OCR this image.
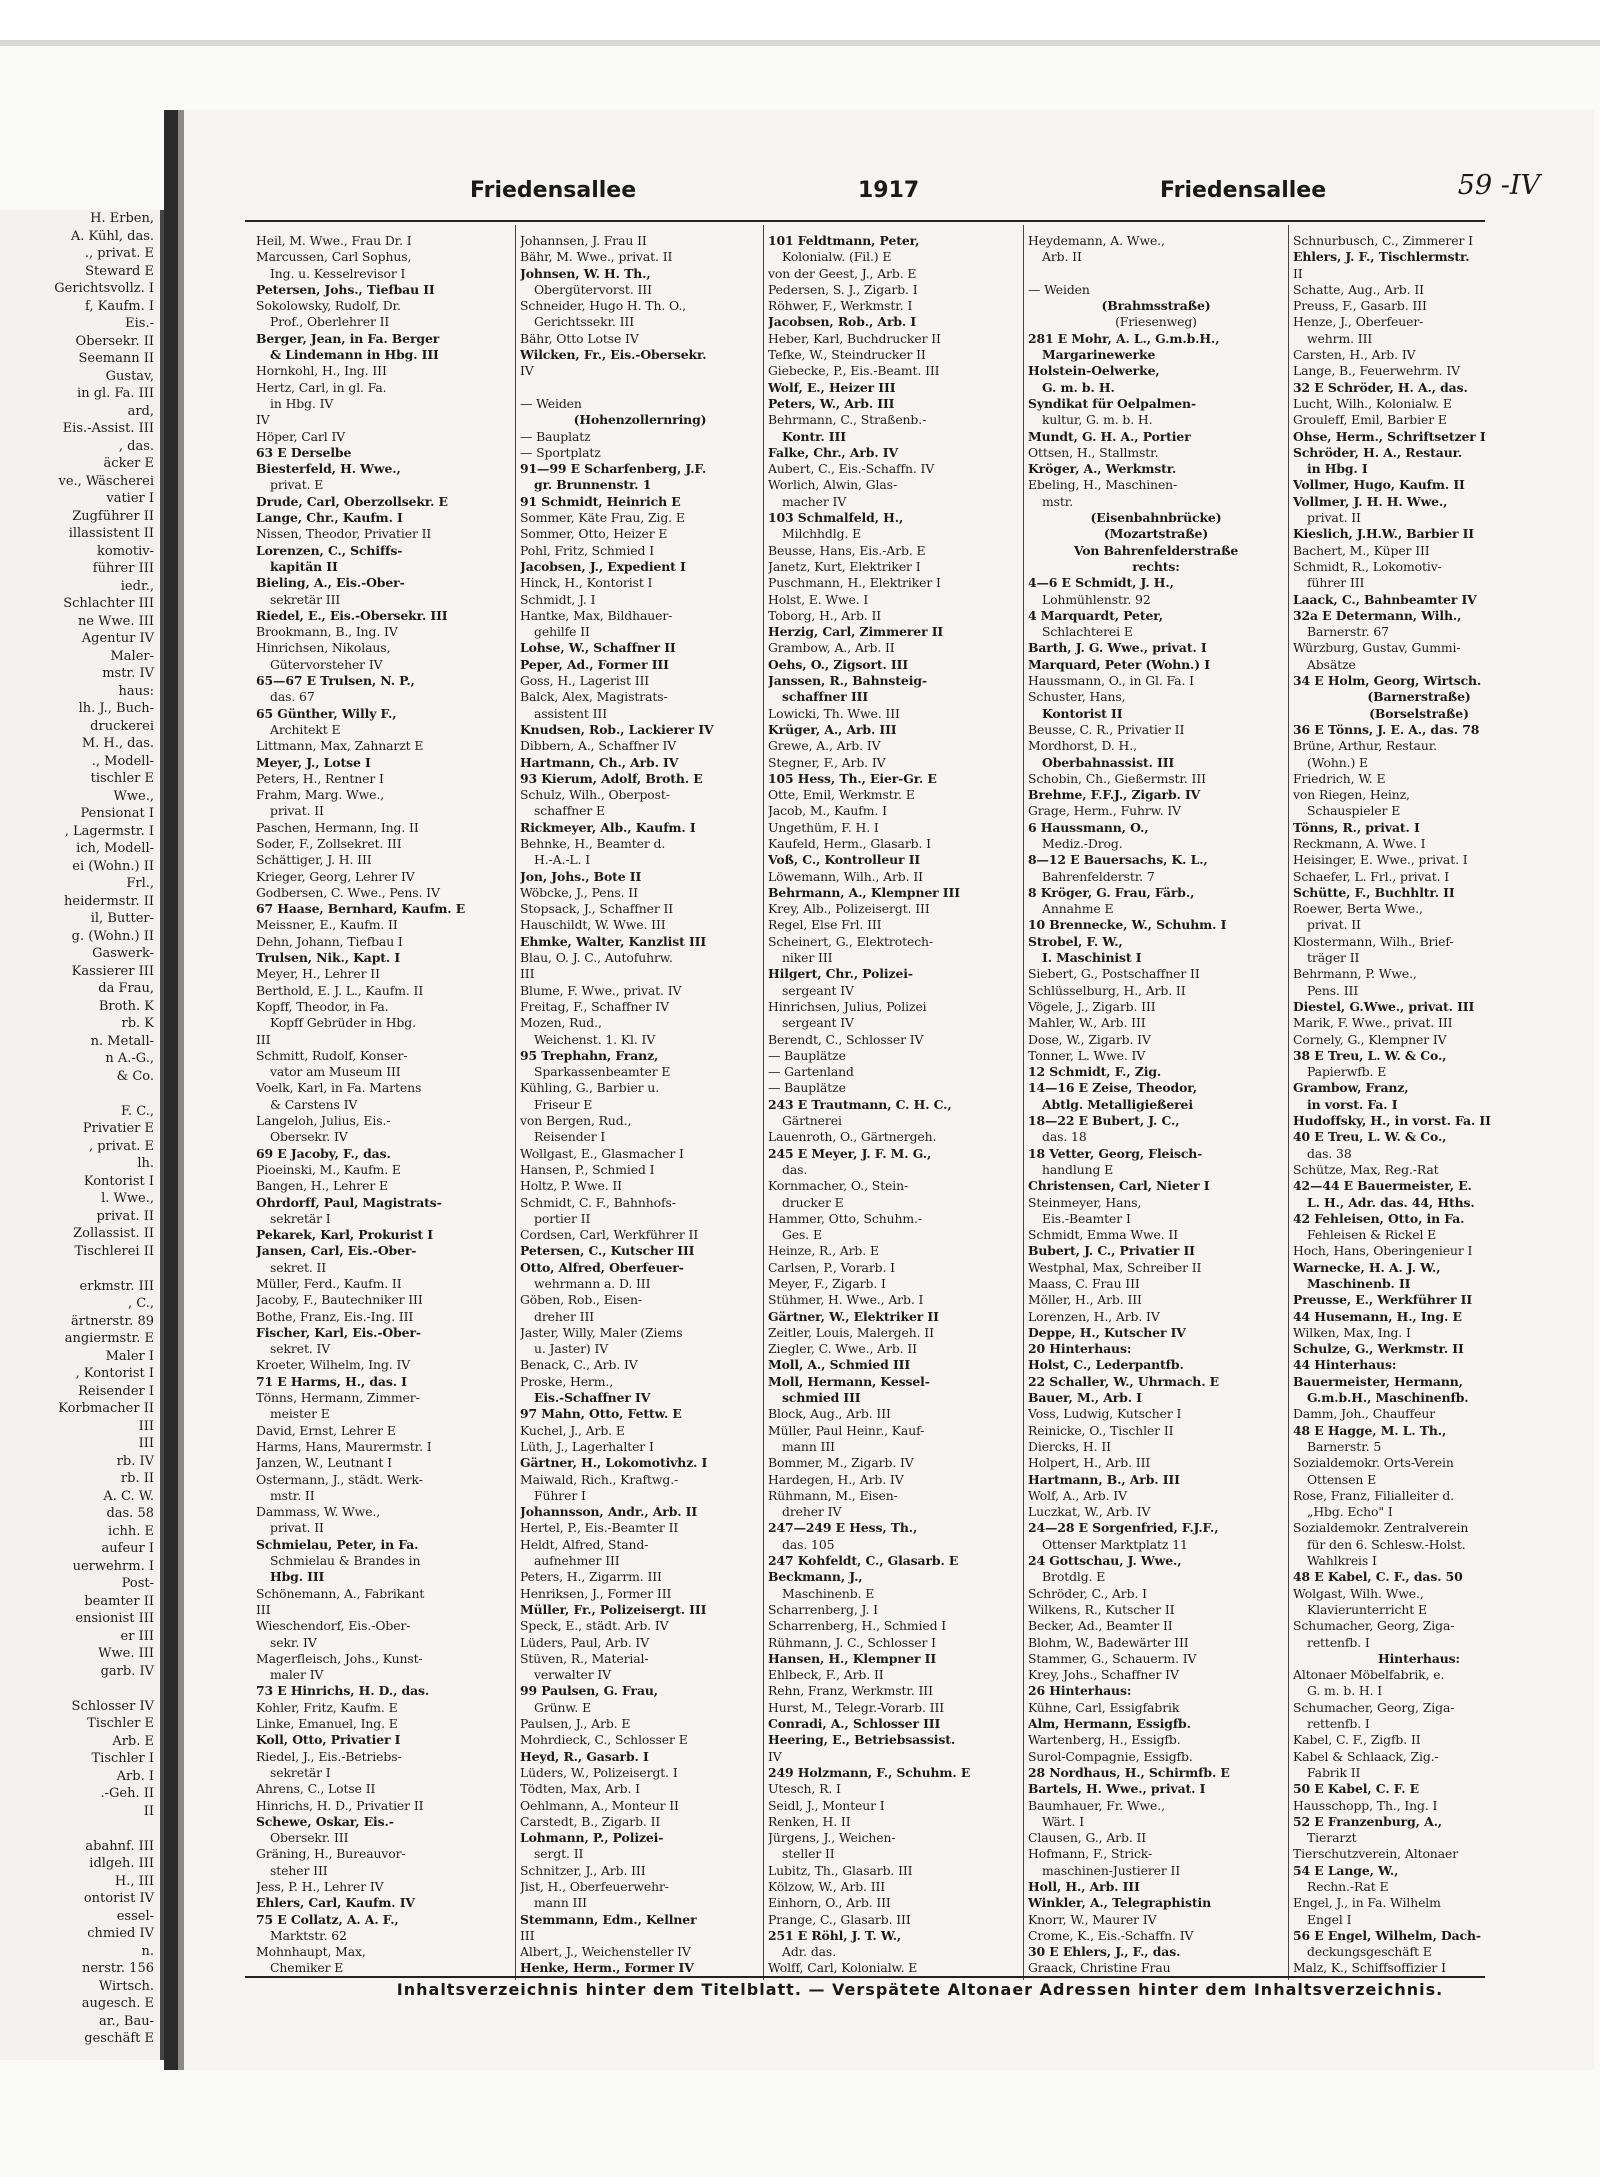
H. Erben,
A. Kühl, das.
., privat. E
Steward E
Gerichtsvollz. I
f, Kaufm. I
Eis.-
Obersekr. II
Seemann II
Gustav,
in gl. Fa. III
ard,
Eis.-Assist. III
, das.
äcker E
ve., Wäscherei
vatier I
Zugführer II
illassistent II
komotiv-
führer III
iedr.,
Schlachter III
ne Wwe. III
Agentur IV
Maler-
mstr. IV
haus:
lh. J., Buch-
druckerei
M. H., das.
., Modell-
tischler E
Wwe.,
Pensionat I
, Lagermstr. I
ich, Modell-
ei (Wohn.) II
Frl.,
heidermstr. II
il, Butter-
g. (Wohn.) II
Gaswerk-
Kassierer III
da Frau,
Broth. K
rb. K
n. Metall-
n A.-G.,
& Co.

F. C.,
Privatier E
, privat. E
lh.
Kontorist I
l. Wwe.,
privat. II
Zollassist. II
Tischlerei II

erkmstr. III
, C.,
ärtnerstr. 89
angiermstr. E
Maler I
, Kontorist I
Reisender I
Korbmacher II
III
III
rb. IV
rb. II
A. C. W.
das. 58
ichh. E
aufeur I
uerwehrm. I
Post-
beamter II
ensionist III
er III
Wwe. III
garb. IV

Schlosser IV
Tischler E
Arb. E
Tischler I
Arb. I
.-Geh. II
II

abahnf. III
idlgeh. III
H., III
ontorist IV
essel-
chmied IV
n.
nerstr. 156
Wirtsch.
augesch. E
ar., Bau-
geschäft E

Friedensallee	1917	Friedensallee	59 -IV
Heil, M. Wwe., Frau Dr. I
Marcussen, Carl Sophus,
Ing. u. Kesselrevisor I
Petersen, Johs., Tiefbau II
Sokolowsky, Rudolf, Dr.
Prof., Oberlehrer II
Berger, Jean, in Fa. Berger
& Lindemann in Hbg. III
Hornkohl, H., Ing. III
Hertz, Carl, in gl. Fa.
in Hbg. IV
IV
Höper, Carl IV
63 E Derselbe
Biesterfeld, H. Wwe.,
privat. E
Drude, Carl, Oberzollsekr. E
Lange, Chr., Kaufm. I
Nissen, Theodor, Privatier II
Lorenzen, C., Schiffs-
kapitän II
Bieling, A., Eis.-Ober-
sekretär III
Riedel, E., Eis.-Obersekr. III
Brookmann, B., Ing. IV
Hinrichsen, Nikolaus,
Gütervorsteher IV
65—67 E Trulsen, N. P.,
das. 67
65 Günther, Willy F.,
Architekt E
Littmann, Max, Zahnarzt E
Meyer, J., Lotse I
Peters, H., Rentner I
Frahm, Marg. Wwe.,
privat. II
Paschen, Hermann, Ing. II
Soder, F., Zollsekret. III
Schättiger, J. H. III
Krieger, Georg, Lehrer IV
Godbersen, C. Wwe., Pens. IV
67 Haase, Bernhard, Kaufm. E
Meissner, E., Kaufm. II
Dehn, Johann, Tiefbau I
Trulsen, Nik., Kapt. I
Meyer, H., Lehrer II
Berthold, E. J. L., Kaufm. II
Kopff, Theodor, in Fa.
Kopff Gebrüder in Hbg.
III
Schmitt, Rudolf, Konser-
vator am Museum III
Voelk, Karl, in Fa. Martens
& Carstens IV
Langeloh, Julius, Eis.-
Obersekr. IV
69 E Jacoby, F., das.
Pioeinski, M., Kaufm. E
Bangen, H., Lehrer E
Ohrdorff, Paul, Magistrats-
sekretär I
Pekarek, Karl, Prokurist I
Jansen, Carl, Eis.-Ober-
sekret. II
Müller, Ferd., Kaufm. II
Jacoby, F., Bautechniker III
Bothe, Franz, Eis.-Ing. III
Fischer, Karl, Eis.-Ober-
sekret. IV
Kroeter, Wilhelm, Ing. IV
71 E Harms, H., das. I
Tönns, Hermann, Zimmer-
meister E
David, Ernst, Lehrer E
Harms, Hans, Maurermstr. I
Janzen, W., Leutnant I
Ostermann, J., städt. Werk-
mstr. II
Dammass, W. Wwe.,
privat. II
Schmielau, Peter, in Fa.
Schmielau & Brandes in
Hbg. III
Schönemann, A., Fabrikant
III
Wieschendorf, Eis.-Ober-
sekr. IV
Magerfleisch, Johs., Kunst-
maler IV
73 E Hinrichs, H. D., das.
Kohler, Fritz, Kaufm. E
Linke, Emanuel, Ing. E
Koll, Otto, Privatier I
Riedel, J., Eis.-Betriebs-
sekretär I
Ahrens, C., Lotse II
Hinrichs, H. D., Privatier II
Schewe, Oskar, Eis.-
Obersekr. III
Gräning, H., Bureauvor-
steher III
Jess, P. H., Lehrer IV
Ehlers, Carl, Kaufm. IV
75 E Collatz, A. A. F.,
Marktstr. 62
Mohnhaupt, Max,
Chemiker E
Johannsen, J. Frau II
Bähr, M. Wwe., privat. II
Johnsen, W. H. Th.,
Obergütervorst. III
Schneider, Hugo H. Th. O.,
Gerichtssekr. III
Bähr, Otto Lotse IV
Wilcken, Fr., Eis.-Obersekr.
IV

— Weiden
(Hohenzollernring)
— Bauplatz
— Sportplatz
91—99 E Scharfenberg, J.F.
gr. Brunnenstr. 1
91 Schmidt, Heinrich E
Sommer, Käte Frau, Zig. E
Sommer, Otto, Heizer E
Pohl, Fritz, Schmied I
Jacobsen, J., Expedient I
Hinck, H., Kontorist I
Schmidt, J. I
Hantke, Max, Bildhauer-
gehilfe II
Lohse, W., Schaffner II
Peper, Ad., Former III
Goss, H., Lagerist III
Balck, Alex, Magistrats-
assistent III
Knudsen, Rob., Lackierer IV
Dibbern, A., Schaffner IV
Hartmann, Ch., Arb. IV
93 Kierum, Adolf, Broth. E
Schulz, Wilh., Oberpost-
schaffner E
Rickmeyer, Alb., Kaufm. I
Behnke, H., Beamter d.
H.-A.-L. I
Jon, Johs., Bote II
Wöbcke, J., Pens. II
Stopsack, J., Schaffner II
Hauschildt, W. Wwe. III
Ehmke, Walter, Kanzlist III
Blau, O. J. C., Autofuhrw.
III
Blume, F. Wwe., privat. IV
Freitag, F., Schaffner IV
Mozen, Rud.,
Weichenst. 1. Kl. IV
95 Trephahn, Franz,
Sparkassenbeamter E
Kühling, G., Barbier u.
Friseur E
von Bergen, Rud.,
Reisender I
Wollgast, E., Glasmacher I
Hansen, P., Schmied I
Holtz, P. Wwe. II
Schmidt, C. F., Bahnhofs-
portier II
Cordsen, Carl, Werkführer II
Petersen, C., Kutscher III
Otto, Alfred, Oberfeuer-
wehrmann a. D. III
Göben, Rob., Eisen-
dreher III
Jaster, Willy, Maler (Ziems
u. Jaster) IV
Benack, C., Arb. IV
Proske, Herm.,
Eis.-Schaffner IV
97 Mahn, Otto, Fettw. E
Kuchel, J., Arb. E
Lüth, J., Lagerhalter I
Gärtner, H., Lokomotivhz. I
Maiwald, Rich., Kraftwg.-
Führer I
Johannsson, Andr., Arb. II
Hertel, P., Eis.-Beamter II
Heldt, Alfred, Stand-
aufnehmer III
Peters, H., Zigarrm. III
Henriksen, J., Former III
Müller, Fr., Polizeisergt. III
Speck, E., städt. Arb. IV
Lüders, Paul, Arb. IV
Stüven, R., Material-
verwalter IV
99 Paulsen, G. Frau,
Grünw. E
Paulsen, J., Arb. E
Mohrdieck, C., Schlosser E
Heyd, R., Gasarb. I
Lüders, W., Polizeisergt. I
Tödten, Max, Arb. I
Oehlmann, A., Monteur II
Carstedt, B., Zigarb. II
Lohmann, P., Polizei-
sergt. II
Schnitzer, J., Arb. III
Jist, H., Oberfeuerwehr-
mann III
Stemmann, Edm., Kellner
III
Albert, J., Weichensteller IV
Henke, Herm., Former IV
101 Feldtmann, Peter,
Kolonialw. (Fil.) E
von der Geest, J., Arb. E
Pedersen, S. J., Zigarb. I
Röhwer, F., Werkmstr. I
Jacobsen, Rob., Arb. I
Heber, Karl, Buchdrucker II
Tefke, W., Steindrucker II
Giebecke, P., Eis.-Beamt. III
Wolf, E., Heizer III
Peters, W., Arb. III
Behrmann, C., Straßenb.-
Kontr. III
Falke, Chr., Arb. IV
Aubert, C., Eis.-Schaffn. IV
Worlich, Alwin, Glas-
macher IV
103 Schmalfeld, H.,
Milchhdlg. E
Beusse, Hans, Eis.-Arb. E
Janetz, Kurt, Elektriker I
Puschmann, H., Elektriker I
Holst, E. Wwe. I
Toborg, H., Arb. II
Herzig, Carl, Zimmerer II
Grambow, A., Arb. II
Oehs, O., Zigsort. III
Janssen, R., Bahnsteig-
schaffner III
Lowicki, Th. Wwe. III
Krüger, A., Arb. III
Grewe, A., Arb. IV
Stegner, F., Arb. IV
105 Hess, Th., Eier-Gr. E
Otte, Emil, Werkmstr. E
Jacob, M., Kaufm. I
Ungethüm, F. H. I
Kaufeld, Herm., Glasarb. I
Voß, C., Kontrolleur II
Löwemann, Wilh., Arb. II
Behrmann, A., Klempner III
Krey, Alb., Polizeisergt. III
Regel, Else Frl. III
Scheinert, G., Elektrotech-
niker III
Hilgert, Chr., Polizei-
sergeant IV
Hinrichsen, Julius, Polizei
sergeant IV
Berendt, C., Schlosser IV
— Bauplätze
— Gartenland
— Bauplätze
243 E Trautmann, C. H. C.,
Gärtnerei
Lauenroth, O., Gärtnergeh.
245 E Meyer, J. F. M. G.,
das.
Kornmacher, O., Stein-
drucker E
Hammer, Otto, Schuhm.-
Ges. E
Heinze, R., Arb. E
Carlsen, P., Vorarb. I
Meyer, F., Zigarb. I
Stühmer, H. Wwe., Arb. I
Gärtner, W., Elektriker II
Zeitler, Louis, Malergeh. II
Ziegler, C. Wwe., Arb. II
Moll, A., Schmied III
Moll, Hermann, Kessel-
schmied III
Block, Aug., Arb. III
Müller, Paul Heinr., Kauf-
mann III
Bommer, M., Zigarb. IV
Hardegen, H., Arb. IV
Rühmann, M., Eisen-
dreher IV
247—249 E Hess, Th.,
das. 105
247 Kohfeldt, C., Glasarb. E
Beckmann, J.,
Maschinenb. E
Scharrenberg, J. I
Scharrenberg, H., Schmied I
Rühmann, J. C., Schlosser I
Hansen, H., Klempner II
Ehlbeck, F., Arb. II
Rehn, Franz, Werkmstr. III
Hurst, M., Telegr.-Vorarb. III
Conradi, A., Schlosser III
Heering, E., Betriebsassist.
IV
249 Holzmann, F., Schuhm. E
Utesch, R. I
Seidl, J., Monteur I
Renken, H. II
Jürgens, J., Weichen-
steller II
Lubitz, Th., Glasarb. III
Kölzow, W., Arb. III
Einhorn, O., Arb. III
Prange, C., Glasarb. III
251 E Röhl, J. T. W.,
Adr. das.
Wolff, Carl, Kolonialw. E
Heydemann, A. Wwe.,
Arb. II

— Weiden
(Brahmsstraße)
(Friesenweg)
281 E Mohr, A. L., G.m.b.H.,
Margarinewerke
Holstein-Oelwerke,
G. m. b. H.
Syndikat für Oelpalmen-
kultur, G. m. b. H.
Mundt, G. H. A., Portier
Ottsen, H., Stallmstr.
Kröger, A., Werkmstr.
Ebeling, H., Maschinen-
mstr.
(Eisenbahnbrücke)
(Mozartstraße)
Von Bahrenfelderstraße
rechts:
4—6 E Schmidt, J. H.,
Lohmühlenstr. 92
4 Marquardt, Peter,
Schlachterei E
Barth, J. G. Wwe., privat. I
Marquard, Peter (Wohn.) I
Haussmann, O., in Gl. Fa. I
Schuster, Hans,
Kontorist II
Beusse, C. R., Privatier II
Mordhorst, D. H.,
Oberbahnassist. III
Schobin, Ch., Gießermstr. III
Brehme, F.F.J., Zigarb. IV
Grage, Herm., Fuhrw. IV
6 Haussmann, O.,
Mediz.-Drog.
8—12 E Bauersachs, K. L.,
Bahrenfelderstr. 7
8 Kröger, G. Frau, Färb.,
Annahme E
10 Brennecke, W., Schuhm. I
Strobel, F. W.,
I. Maschinist I
Siebert, G., Postschaffner II
Schlüsselburg, H., Arb. II
Vögele, J., Zigarb. III
Mahler, W., Arb. III
Dose, W., Zigarb. IV
Tonner, L. Wwe. IV
12 Schmidt, F., Zig.
14—16 E Zeise, Theodor,
Abtlg. Metalligießerei
18—22 E Bubert, J. C.,
das. 18
18 Vetter, Georg, Fleisch-
handlung E
Christensen, Carl, Nieter I
Steinmeyer, Hans,
Eis.-Beamter I
Schmidt, Emma Wwe. II
Bubert, J. C., Privatier II
Westphal, Max, Schreiber II
Maass, C. Frau III
Möller, H., Arb. III
Lorenzen, H., Arb. IV
Deppe, H., Kutscher IV
20 Hinterhaus:
Holst, C., Lederpantfb.
22 Schaller, W., Uhrmach. E
Bauer, M., Arb. I
Voss, Ludwig, Kutscher I
Reinicke, O., Tischler II
Diercks, H. II
Holpert, H., Arb. III
Hartmann, B., Arb. III
Wolf, A., Arb. IV
Luczkat, W., Arb. IV
24—28 E Sorgenfried, F.J.F.,
Ottenser Marktplatz 11
24 Gottschau, J. Wwe.,
Brotdlg. E
Schröder, C., Arb. I
Wilkens, R., Kutscher II
Becker, Ad., Beamter II
Blohm, W., Badewärter III
Stammer, G., Schauerm. IV
Krey, Johs., Schaffner IV
26 Hinterhaus:
Kühne, Carl, Essigfabrik
Alm, Hermann, Essigfb.
Wartenberg, H., Essigfb.
Surol-Compagnie, Essigfb.
28 Nordhaus, H., Schirmfb. E
Bartels, H. Wwe., privat. I
Baumhauer, Fr. Wwe.,
Wärt. I
Clausen, G., Arb. II
Hofmann, F., Strick-
maschinen-Justierer II
Holl, H., Arb. III
Winkler, A., Telegraphistin
Knorr, W., Maurer IV
Crome, K., Eis.-Schaffn. IV
30 E Ehlers, J., F., das.
Graack, Christine Frau
Schnurbusch, C., Zimmerer I
Ehlers, J. F., Tischlermstr.
II
Schatte, Aug., Arb. II
Preuss, F., Gasarb. III
Henze, J., Oberfeuer-
wehrm. III
Carsten, H., Arb. IV
Lange, B., Feuerwehrm. IV
32 E Schröder, H. A., das.
Lucht, Wilh., Kolonialw. E
Grouleff, Emil, Barbier E
Ohse, Herm., Schriftsetzer I
Schröder, H. A., Restaur.
in Hbg. I
Vollmer, Hugo, Kaufm. II
Vollmer, J. H. H. Wwe.,
privat. II
Kieslich, J.H.W., Barbier II
Bachert, M., Küper III
Schmidt, R., Lokomotiv-
führer III
Laack, C., Bahnbeamter IV
32a E Determann, Wilh.,
Barnerstr. 67
Würzburg, Gustav, Gummi-
Absätze
34 E Holm, Georg, Wirtsch.
(Barnerstraße)
(Borselstraße)
36 E Tönns, J. E. A., das. 78
Brüne, Arthur, Restaur.
(Wohn.) E
Friedrich, W. E
von Riegen, Heinz,
Schauspieler E
Tönns, R., privat. I
Reckmann, A. Wwe. I
Heisinger, E. Wwe., privat. I
Schaefer, L. Frl., privat. I
Schütte, F., Buchhltr. II
Roewer, Berta Wwe.,
privat. II
Klostermann, Wilh., Brief-
träger II
Behrmann, P. Wwe.,
Pens. III
Diestel, G.Wwe., privat. III
Marik, F. Wwe., privat. III
Cornely, G., Klempner IV
38 E Treu, L. W. & Co.,
Papierwfb. E
Grambow, Franz,
in vorst. Fa. I
Hudoffsky, H., in vorst. Fa. II
40 E Treu, L. W. & Co.,
das. 38
Schütze, Max, Reg.-Rat
42—44 E Bauermeister, E.
L. H., Adr. das. 44, Hths.
42 Fehleisen, Otto, in Fa.
Fehleisen & Rickel E
Hoch, Hans, Oberingenieur I
Warnecke, H. A. J. W.,
Maschinenb. II
Preusse, E., Werkführer II
44 Husemann, H., Ing. E
Wilken, Max, Ing. I
Schulze, G., Werkmstr. II
44 Hinterhaus:
Bauermeister, Hermann,
G.m.b.H., Maschinenfb.
Damm, Joh., Chauffeur
48 E Hagge, M. L. Th.,
Barnerstr. 5
Sozialdemokr. Orts-Verein
Ottensen E
Rose, Franz, Filialleiter d.
„Hbg. Echo" I
Sozialdemokr. Zentralverein
für den 6. Schlesw.-Holst.
Wahlkreis I
48 E Kabel, C. F., das. 50
Wolgast, Wilh. Wwe.,
Klavierunterricht E
Schumacher, Georg, Ziga-
rettenfb. I
Hinterhaus:
Altonaer Möbelfabrik, e.
G. m. b. H. I
Schumacher, Georg, Ziga-
rettenfb. I
Kabel, C. F., Zigfb. II
Kabel & Schlaack, Zig.-
Fabrik II
50 E Kabel, C. F. E
Hausschopp, Th., Ing. I
52 E Franzenburg, A.,
Tierarzt
Tierschutzverein, Altonaer
54 E Lange, W.,
Rechn.-Rat E
Engel, J., in Fa. Wilhelm
Engel I
56 E Engel, Wilhelm, Dach-
deckungsgeschäft E
Malz, K., Schiffsoffizier I
Inhaltsverzeichnis hinter dem Titelblatt. — Verspätete Altonaer Adressen hinter dem Inhaltsverzeichnis.
